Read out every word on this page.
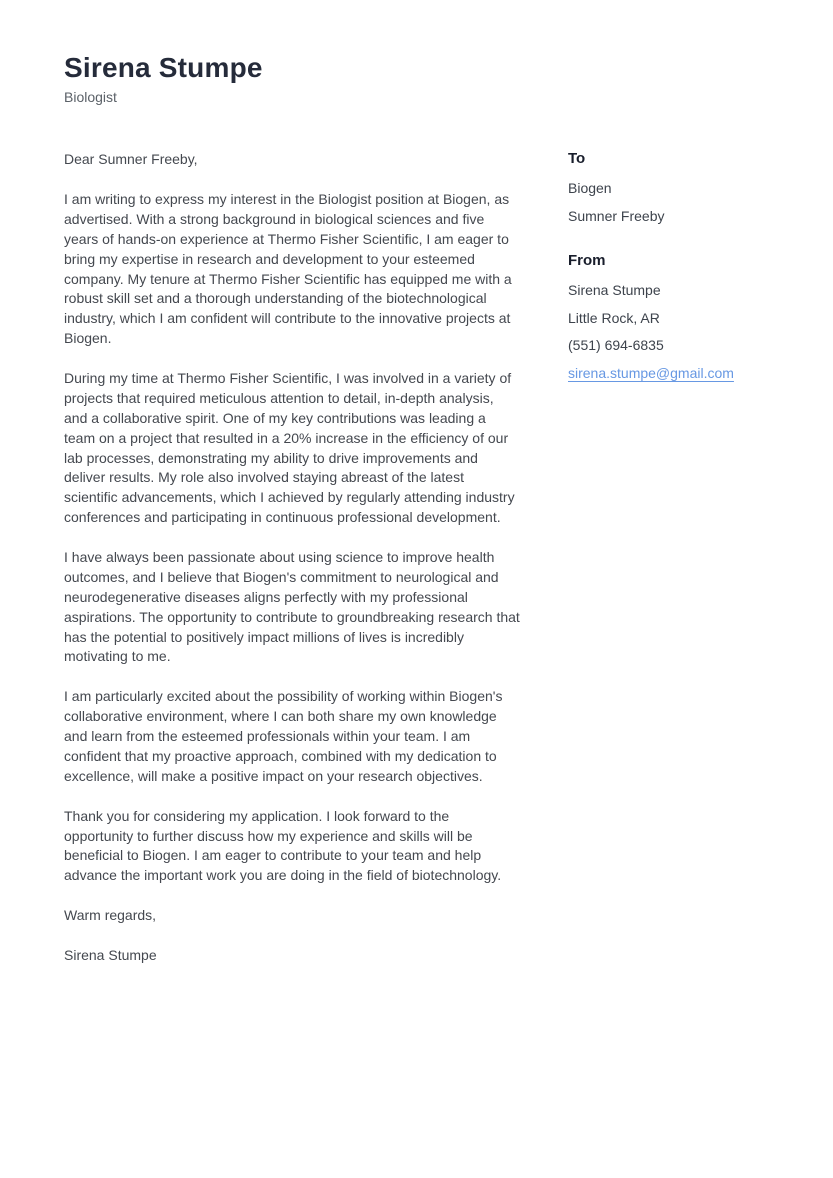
Sirena Stumpe
Biologist

Dear Sumner Freeby,

I am writing to express my interest in the Biologist position at Biogen, as advertised. With a strong background in biological sciences and five years of hands-on experience at Thermo Fisher Scientific, I am eager to bring my expertise in research and development to your esteemed company. My tenure at Thermo Fisher Scientific has equipped me with a robust skill set and a thorough understanding of the biotechnological industry, which I am confident will contribute to the innovative projects at Biogen.

During my time at Thermo Fisher Scientific, I was involved in a variety of projects that required meticulous attention to detail, in-depth analysis, and a collaborative spirit. One of my key contributions was leading a team on a project that resulted in a 20% increase in the efficiency of our lab processes, demonstrating my ability to drive improvements and deliver results. My role also involved staying abreast of the latest scientific advancements, which I achieved by regularly attending industry conferences and participating in continuous professional development.

I have always been passionate about using science to improve health outcomes, and I believe that Biogen's commitment to neurological and neurodegenerative diseases aligns perfectly with my professional aspirations. The opportunity to contribute to groundbreaking research that has the potential to positively impact millions of lives is incredibly motivating to me.

I am particularly excited about the possibility of working within Biogen's collaborative environment, where I can both share my own knowledge and learn from the esteemed professionals within your team. I am confident that my proactive approach, combined with my dedication to excellence, will make a positive impact on your research objectives.

Thank you for considering my application. I look forward to the opportunity to further discuss how my experience and skills will be beneficial to Biogen. I am eager to contribute to your team and help advance the important work you are doing in the field of biotechnology.

Warm regards,

Sirena Stumpe

To
Biogen
Sumner Freeby
From
Sirena Stumpe
Little Rock, AR
(551) 694-6835
sirena.stumpe@gmail.com
